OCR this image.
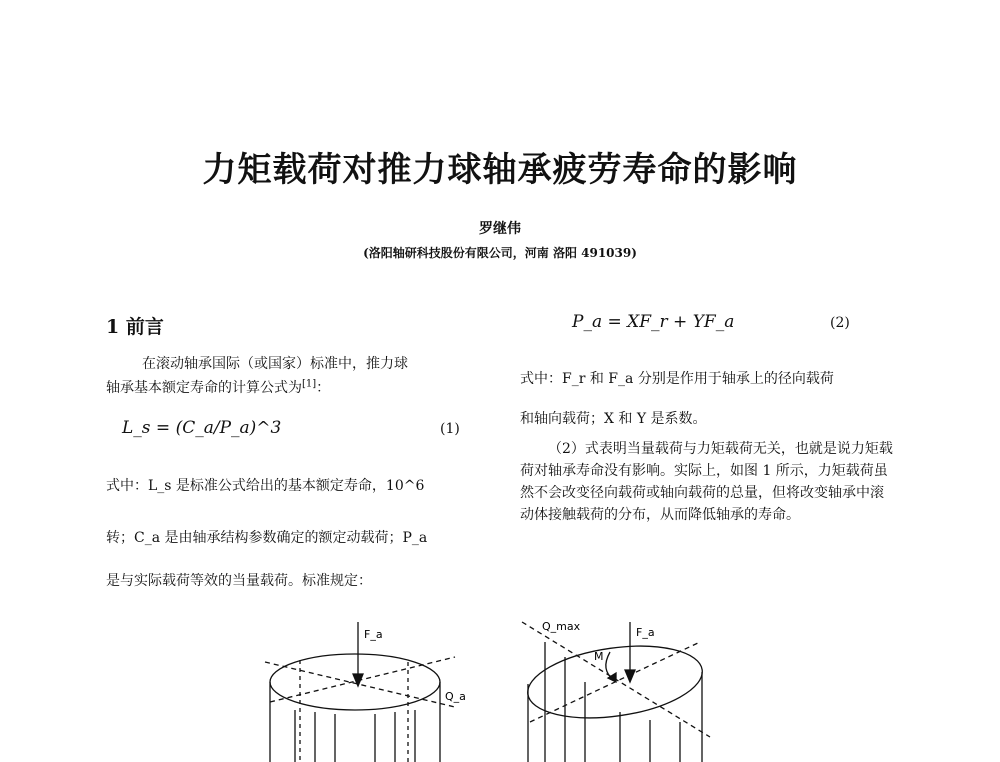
力矩载荷对推力球轴承疲劳寿命的影响
罗继伟
(洛阳轴研科技股份有限公司，河南 洛阳 491039)
1 前言
在滚动轴承国际（或国家）标准中，推力球
轴承基本额定寿命的计算公式为[1]：
L_s = (C_a/P_a)^3	(1)
式中：L_s 是标准公式给出的基本额定寿命，10^6
转；C_a 是由轴承结构参数确定的额定动载荷；P_a
是与实际载荷等效的当量载荷。标准规定：
P_a = XF_r + YF_a	(2)
式中：F_r 和 F_a 分别是作用于轴承上的径向载荷
和轴向载荷；X 和 Y 是系数。
（2）式表明当量载荷与力矩载荷无关，也就是说力矩载荷对轴承寿命没有影响。实际上，如图 1 所示，力矩载荷虽然不会改变径向载荷或轴向载荷的总量，但将改变轴承中滚动体接触载荷的分布，从而降低轴承的寿命。
F_a
Q_a
Q_max
M
F_a
